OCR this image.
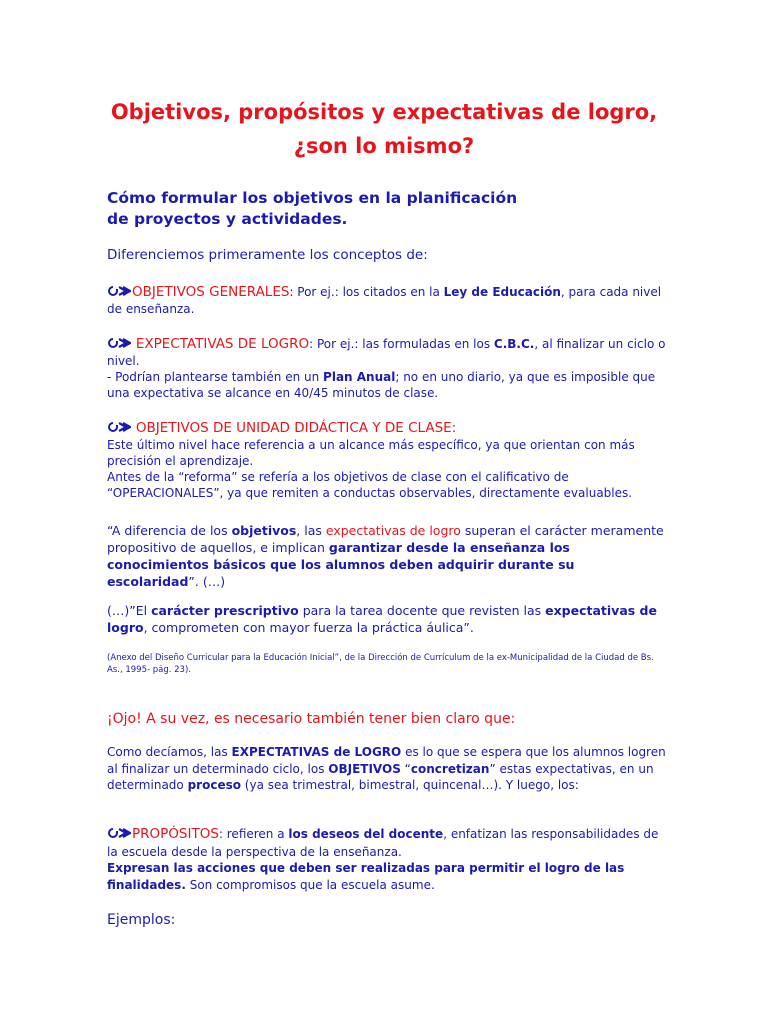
Objetivos, propósitos y expectativas de logro,
¿son lo mismo?
Cómo formular los objetivos en la planificación
de proyectos y actividades.
Diferenciemos primeramente los conceptos de:
OBJETIVOS GENERALES: Por ej.: los citados en la Ley de Educación, para cada nivel de enseñanza.
EXPECTATIVAS DE LOGRO: Por ej.: las formuladas en los C.B.C., al finalizar un ciclo o nivel.
- Podrían plantearse también en un Plan Anual; no en uno diario, ya que es imposible que una expectativa se alcance en 40/45 minutos de clase.
OBJETIVOS DE UNIDAD DIDÁCTICA Y DE CLASE:
Este último nivel hace referencia a un alcance más específico, ya que orientan con más precisión el aprendizaje.
Antes de la “reforma” se refería a los objetivos de clase con el calificativo de “OPERACIONALES”, ya que remiten a conductas observables, directamente evaluables.
“A diferencia de los objetivos, las expectativas de logro superan el carácter meramente propositivo de aquellos, e implican garantizar desde la enseñanza los conocimientos básicos que los alumnos deben adquirir durante su escolaridad”. (…)
(…)”El carácter prescriptivo para la tarea docente que revisten las expectativas de logro, comprometen con mayor fuerza la práctica áulica”.
(Anexo del Diseño Curricular para la Educación Inicial”, de la Dirección de Currículum de la ex-Municipalidad de la Ciudad de Bs. As., 1995- pág. 23).
¡Ojo! A su vez, es necesario también tener bien claro que:
Como decíamos, las EXPECTATIVAS de LOGRO es lo que se espera que los alumnos logren al finalizar un determinado ciclo, los OBJETIVOS “concretizan” estas expectativas, en un determinado proceso (ya sea trimestral, bimestral, quincenal…). Y luego, los:
PROPÓSITOS: refieren a los deseos del docente, enfatizan las responsabilidades de la escuela desde la perspectiva de la enseñanza.
Expresan las acciones que deben ser realizadas para permitir el logro de las finalidades. Son compromisos que la escuela asume.
Ejemplos:
